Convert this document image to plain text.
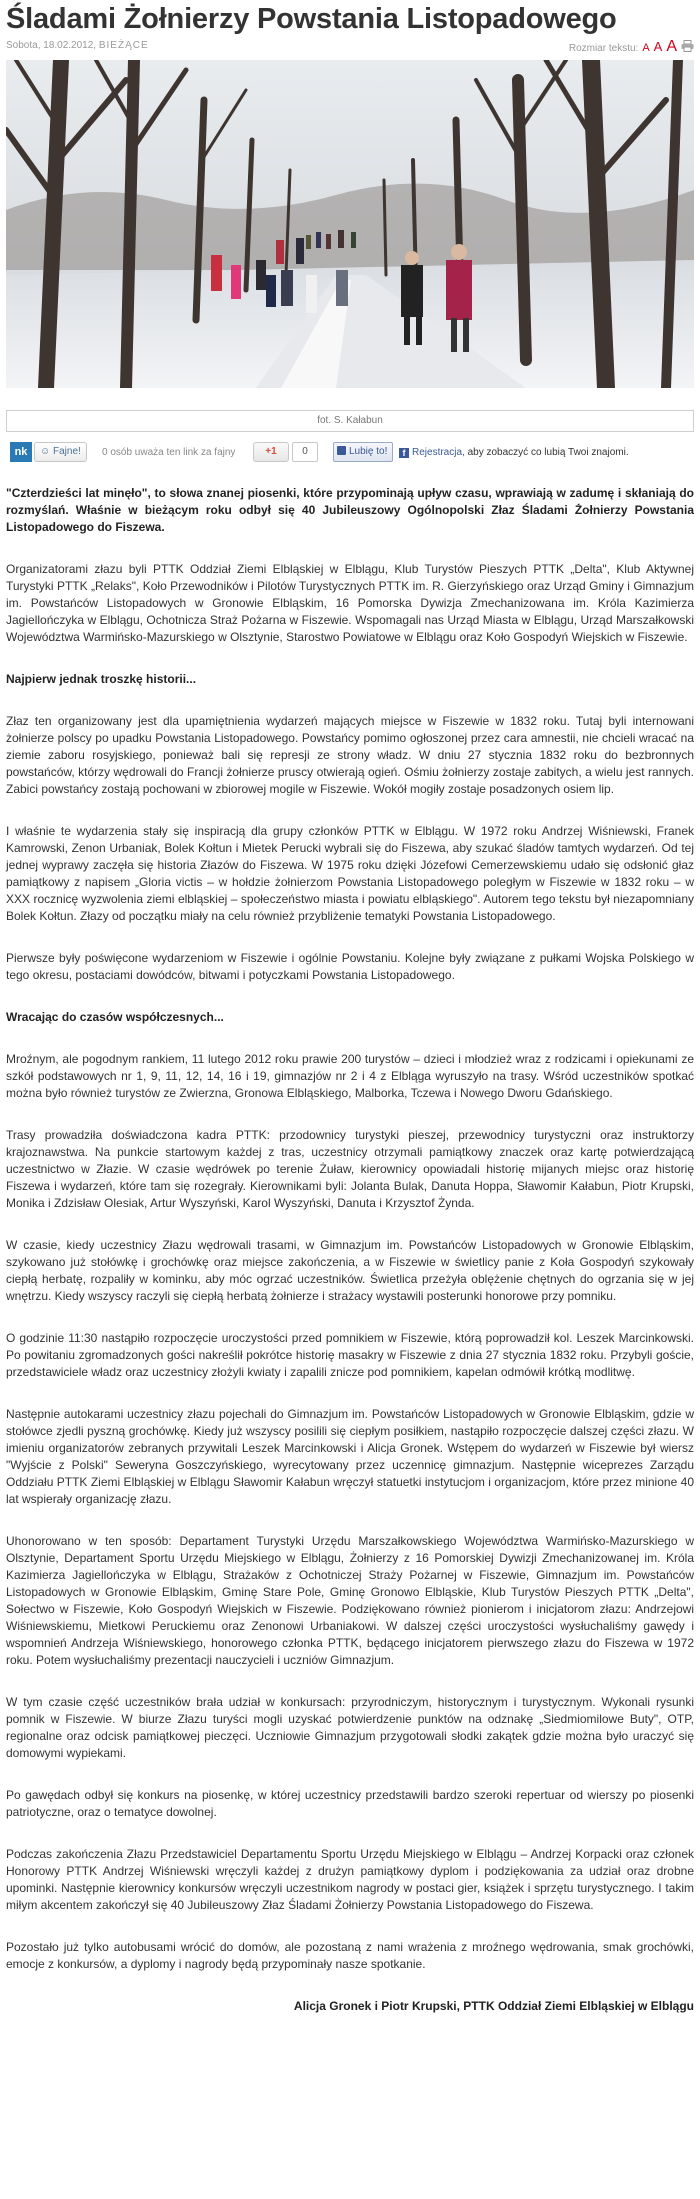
Śladami Żołnierzy Powstania Listopadowego
Sobota, 18.02.2012, BIEŻĄCE	Rozmiar tekstu: A A A
fot. S. Kałabun
nk	☺ Fajne!	0 osób uważa ten link za fajny	+1	0	Lubię to!	f Rejestracja, aby zobaczyć co lubią Twoi znajomi.

"Czterdzieści lat minęło", to słowa znanej piosenki, które przypominają upływ czasu, wprawiają w zadumę i skłaniają do rozmyślań. Właśnie w bieżącym roku odbył się 40 Jubileuszowy Ogólnopolski Złaz Śladami Żołnierzy Powstania Listopadowego do Fiszewa.

Organizatorami złazu byli PTTK Oddział Ziemi Elbląskiej w Elblągu, Klub Turystów Pieszych PTTK „Delta", Klub Aktywnej Turystyki PTTK „Relaks", Koło Przewodników i Pilotów Turystycznych PTTK im. R. Gierzyńskiego oraz Urząd Gminy i Gimnazjum im. Powstańców Listopadowych w Gronowie Elbląskim, 16 Pomorska Dywizja Zmechanizowana im. Króla Kazimierza Jagiellończyka w Elblągu, Ochotnicza Straż Pożarna w Fiszewie. Wspomagali nas Urząd Miasta w Elblągu, Urząd Marszałkowski Województwa Warmińsko-Mazurskiego w Olsztynie, Starostwo Powiatowe w Elblągu oraz Koło Gospodyń Wiejskich w Fiszewie.

Najpierw jednak troszkę historii...

Złaz ten organizowany jest dla upamiętnienia wydarzeń mających miejsce w Fiszewie w 1832 roku. Tutaj byli internowani żołnierze polscy po upadku Powstania Listopadowego. Powstańcy pomimo ogłoszonej przez cara amnestii, nie chcieli wracać na ziemie zaboru rosyjskiego, ponieważ bali się represji ze strony władz. W dniu 27 stycznia 1832 roku do bezbronnych powstańców, którzy wędrowali do Francji żołnierze pruscy otwierają ogień. Ośmiu żołnierzy zostaje zabitych, a wielu jest rannych. Zabici powstańcy zostają pochowani w zbiorowej mogile w Fiszewie. Wokół mogiły zostaje posadzonych osiem lip.

I właśnie te wydarzenia stały się inspiracją dla grupy członków PTTK w Elblągu. W 1972 roku Andrzej Wiśniewski, Franek Kamrowski, Zenon Urbaniak, Bolek Kołtun i Mietek Perucki wybrali się do Fiszewa, aby szukać śladów tamtych wydarzeń. Od tej jednej wyprawy zaczęła się historia Złazów do Fiszewa. W 1975 roku dzięki Józefowi Cemerzewskiemu udało się odsłonić głaz pamiątkowy z napisem „Gloria victis – w hołdzie żołnierzom Powstania Listopadowego poległym w Fiszewie w 1832 roku – w XXX rocznicę wyzwolenia ziemi elbląskiej – społeczeństwo miasta i powiatu elbląskiego". Autorem tego tekstu był niezapomniany Bolek Kołtun. Złazy od początku miały na celu również przybliżenie tematyki Powstania Listopadowego.

Pierwsze były poświęcone wydarzeniom w Fiszewie i ogólnie Powstaniu. Kolejne były związane z pułkami Wojska Polskiego w tego okresu, postaciami dowódców, bitwami i potyczkami Powstania Listopadowego.

Wracając do czasów współczesnych...

Mroźnym, ale pogodnym rankiem, 11 lutego 2012 roku prawie 200 turystów – dzieci i młodzież wraz z rodzicami i opiekunami ze szkół podstawowych nr 1, 9, 11, 12, 14, 16 i 19, gimnazjów nr 2 i 4 z Elbląga wyruszyło na trasy. Wśród uczestników spotkać można było również turystów ze Zwierzna, Gronowa Elbląskiego, Malborka, Tczewa i Nowego Dworu Gdańskiego.

Trasy prowadziła doświadczona kadra PTTK: przodownicy turystyki pieszej, przewodnicy turystyczni oraz instruktorzy krajoznawstwa. Na punkcie startowym każdej z tras, uczestnicy otrzymali pamiątkowy znaczek oraz kartę potwierdzającą uczestnictwo w Złazie. W czasie wędrówek po terenie Żuław, kierownicy opowiadali historię mijanych miejsc oraz historię Fiszewa i wydarzeń, które tam się rozegrały. Kierownikami byli: Jolanta Bulak, Danuta Hoppa, Sławomir Kałabun, Piotr Krupski, Monika i Zdzisław Olesiak, Artur Wyszyński, Karol Wyszyński, Danuta i Krzysztof Żynda.

W czasie, kiedy uczestnicy Złazu wędrowali trasami, w Gimnazjum im. Powstańców Listopadowych w Gronowie Elbląskim, szykowano już stołówkę i grochówkę oraz miejsce zakończenia, a w Fiszewie w świetlicy panie z Koła Gospodyń szykowały ciepłą herbatę, rozpaliły w kominku, aby móc ogrzać uczestników. Świetlica przeżyła oblężenie chętnych do ogrzania się w jej wnętrzu. Kiedy wszyscy raczyli się ciepłą herbatą żołnierze i strażacy wystawili posterunki honorowe przy pomniku.

O godzinie 11:30 nastąpiło rozpoczęcie uroczystości przed pomnikiem w Fiszewie, którą poprowadził kol. Leszek Marcinkowski. Po powitaniu zgromadzonych gości nakreślił pokrótce historię masakry w Fiszewie z dnia 27 stycznia 1832 roku. Przybyli goście, przedstawiciele władz oraz uczestnicy złożyli kwiaty i zapalili znicze pod pomnikiem, kapelan odmówił krótką modlitwę.

Następnie autokarami uczestnicy złazu pojechali do Gimnazjum im. Powstańców Listopadowych w Gronowie Elbląskim, gdzie w stołówce zjedli pyszną grochówkę. Kiedy już wszyscy posilili się ciepłym posiłkiem, nastąpiło rozpoczęcie dalszej części złazu. W imieniu organizatorów zebranych przywitali Leszek Marcinkowski i Alicja Gronek. Wstępem do wydarzeń w Fiszewie był wiersz "Wyjście z Polski" Seweryna Goszczyńskiego, wyrecytowany przez uczennicę gimnazjum. Następnie wiceprezes Zarządu Oddziału PTTK Ziemi Elbląskiej w Elblągu Sławomir Kałabun wręczył statuetki instytucjom i organizacjom, które przez minione 40 lat wspierały organizację złazu.

Uhonorowano w ten sposób: Departament Turystyki Urzędu Marszałkowskiego Województwa Warmińsko-Mazurskiego w Olsztynie, Departament Sportu Urzędu Miejskiego w Elblągu, Żołnierzy z 16 Pomorskiej Dywizji Zmechanizowanej im. Króla Kazimierza Jagiellończyka w Elblągu, Strażaków z Ochotniczej Straży Pożarnej w Fiszewie, Gimnazjum im. Powstańców Listopadowych w Gronowie Elbląskim, Gminę Stare Pole, Gminę Gronowo Elbląskie, Klub Turystów Pieszych PTTK „Delta", Sołectwo w Fiszewie, Koło Gospodyń Wiejskich w Fiszewie. Podziękowano również pionierom i inicjatorom złazu: Andrzejowi Wiśniewskiemu, Mietkowi Peruckiemu oraz Zenonowi Urbaniakowi. W dalszej części uroczystości wysłuchaliśmy gawędy i wspomnień Andrzeja Wiśniewskiego, honorowego członka PTTK, będącego inicjatorem pierwszego złazu do Fiszewa w 1972 roku. Potem wysłuchaliśmy prezentacji nauczycieli i uczniów Gimnazjum.

W tym czasie część uczestników brała udział w konkursach: przyrodniczym, historycznym i turystycznym. Wykonali rysunki pomnik w Fiszewie. W biurze Złazu turyści mogli uzyskać potwierdzenie punktów na odznakę „Siedmiomilowe Buty", OTP, regionalne oraz odcisk pamiątkowej pieczęci. Uczniowie Gimnazjum przygotowali słodki zakątek gdzie można było uraczyć się domowymi wypiekami.

Po gawędach odbył się konkurs na piosenkę, w której uczestnicy przedstawili bardzo szeroki repertuar od wierszy po piosenki patriotyczne, oraz o tematyce dowolnej.

Podczas zakończenia Złazu Przedstawiciel Departamentu Sportu Urzędu Miejskiego w Elblągu – Andrzej Korpacki oraz członek Honorowy PTTK Andrzej Wiśniewski wręczyli każdej z drużyn pamiątkowy dyplom i podziękowania za udział oraz drobne upominki. Następnie kierownicy konkursów wręczyli uczestnikom nagrody w postaci gier, książek i sprzętu turystycznego. I takim miłym akcentem zakończył się 40 Jubileuszowy Złaz Śladami Żołnierzy Powstania Listopadowego do Fiszewa.

Pozostało już tylko autobusami wrócić do domów, ale pozostaną z nami wrażenia z mroźnego wędrowania, smak grochówki, emocje z konkursów, a dyplomy i nagrody będą przypominały nasze spotkanie.

Alicja Gronek i Piotr Krupski, PTTK Oddział Ziemi Elbląskiej w Elblągu
